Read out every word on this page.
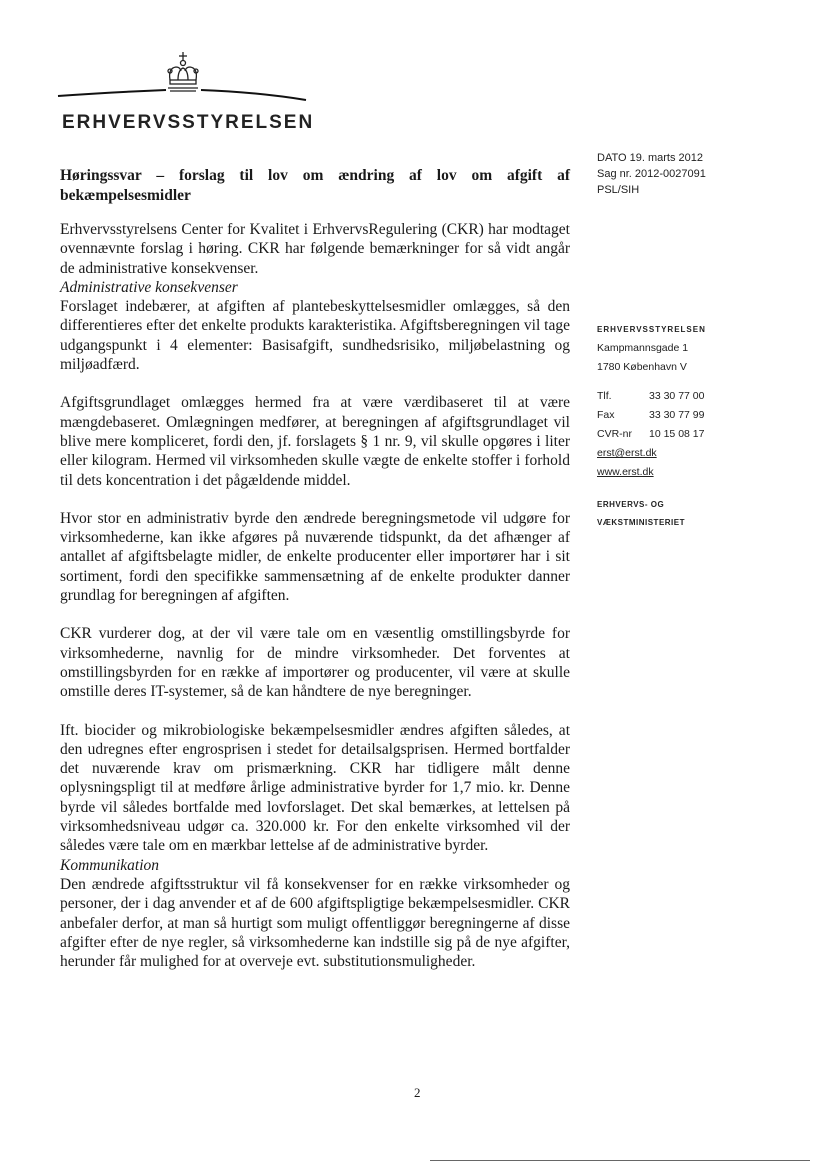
ERHVERVSSTYRELSEN
DATO 19. marts 2012
Sag nr. 2012-0027091
PSL/SIH
Høringssvar – forslag til lov om ændring af lov om afgift af bekæmpelsesmidler

Erhvervsstyrelsens Center for Kvalitet i ErhvervsRegulering (CKR) har modtaget ovennævnte forslag i høring. CKR har følgende bemærkninger for så vidt angår de administrative konsekvenser.

Administrative konsekvenser

Forslaget indebærer, at afgiften af plantebeskyttelsesmidler omlægges, så den differentieres efter det enkelte produkts karakteristika. Afgiftsberegningen vil tage udgangspunkt i 4 elementer: Basisafgift, sundhedsrisiko, miljøbelastning og miljøadfærd.

Afgiftsgrundlaget omlægges hermed fra at være værdibaseret til at være mængdebaseret. Omlægningen medfører, at beregningen af afgiftsgrundlaget vil blive mere kompliceret, fordi den, jf. forslagets § 1 nr. 9, vil skulle opgøres i liter eller kilogram. Hermed vil virksomheden skulle vægte de enkelte stoffer i forhold til dets koncentration i det pågældende middel.

Hvor stor en administrativ byrde den ændrede beregningsmetode vil udgøre for virksomhederne, kan ikke afgøres på nuværende tidspunkt, da det afhænger af antallet af afgiftsbelagte midler, de enkelte producenter eller importører har i sit sortiment, fordi den specifikke sammensætning af de enkelte produkter danner grundlag for beregningen af afgiften.

CKR vurderer dog, at der vil være tale om en væsentlig omstillingsbyrde for virksomhederne, navnlig for de mindre virksomheder. Det forventes at omstillingsbyrden for en række af importører og producenter, vil være at skulle omstille deres IT-systemer, så de kan håndtere de nye beregninger.

Ift. biocider og mikrobiologiske bekæmpelsesmidler ændres afgiften således, at den udregnes efter engrosprisen i stedet for detailsalgsprisen. Hermed bortfalder det nuværende krav om prismærkning. CKR har tidligere målt denne oplysningspligt til at medføre årlige administrative byrder for 1,7 mio. kr. Denne byrde vil således bortfalde med lovforslaget. Det skal bemærkes, at lettelsen på virksomhedsniveau udgør ca. 320.000 kr. For den enkelte virksomhed vil der således være tale om en mærkbar lettelse af de administrative byrder.

Kommunikation

Den ændrede afgiftsstruktur vil få konsekvenser for en række virksomheder og personer, der i dag anvender et af de 600 afgiftspligtige bekæmpelsesmidler. CKR anbefaler derfor, at man så hurtigt som muligt offentliggør beregningerne af disse afgifter efter de nye regler, så virksomhederne kan indstille sig på de nye afgifter, herunder får mulighed for at overveje evt. substitutionsmuligheder.

ERHVERVSSTYRELSEN
Kampmannsgade 1
1780 København V
Tlf.	33 30 77 00
Fax	33 30 77 99
CVR-nr	10 15 08 17
erst@erst.dk
www.erst.dk
ERHVERVS- OG
VÆKSTMINISTERIET
2
